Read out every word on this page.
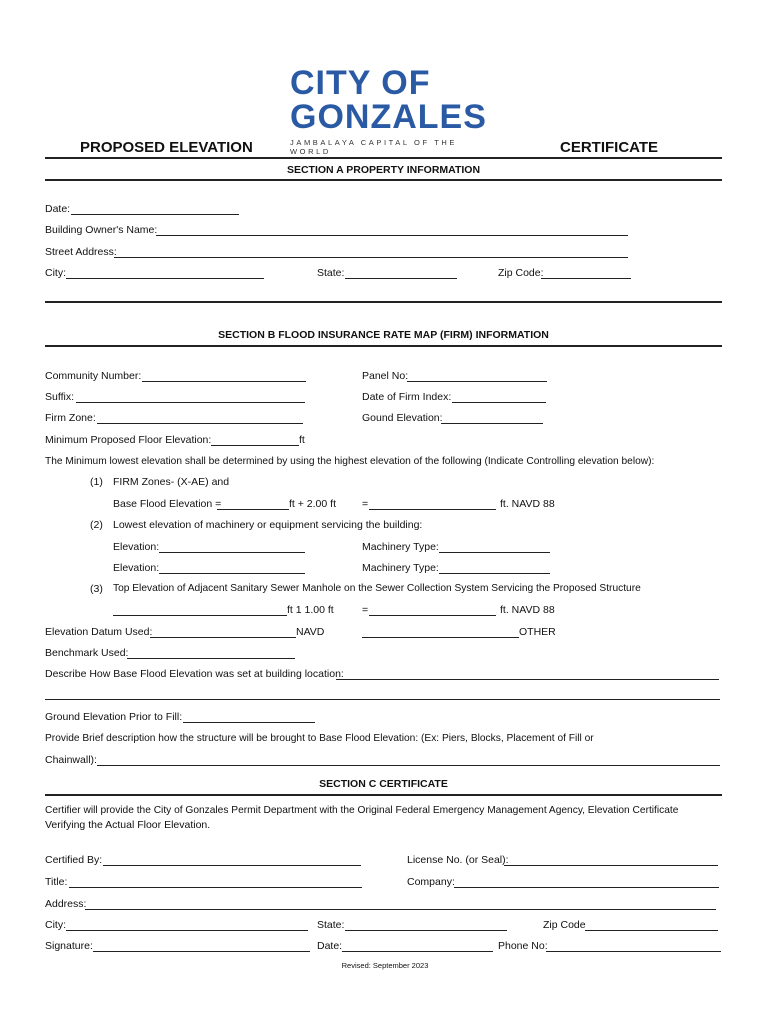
CITY OF
GONZALES
JAMBALAYA CAPITAL OF THE WORLD
PROPOSED ELEVATION	CERTIFICATE
SECTION A PROPERTY INFORMATION
Date:
Building Owner's Name:
Street Address:
City:	State:	Zip Code:
SECTION B FLOOD INSURANCE RATE MAP (FIRM) INFORMATION
Community Number:	Panel No:
Suffix:	Date of Firm Index:
Firm Zone:	Gound Elevation:
Minimum Proposed Floor Elevation:	ft
The Minimum lowest elevation shall be determined by using the highest elevation of the following (Indicate Controlling elevation below):
(1) FIRM Zones- (X-AE) and
Base Flood Elevation =	ft + 2.00 ft =	ft. NAVD 88
(2) Lowest elevation of machinery or equipment servicing the building:
Elevation:	Machinery Type:
Elevation:	Machinery Type:
(3) Top Elevation of Adjacent Sanitary Sewer Manhole on the Sewer Collection System Servicing the Proposed Structure
ft 1 1.00 ft	=	ft. NAVD 88
Elevation Datum Used:	NAVD	OTHER
Benchmark Used:
Describe How Base Flood Elevation was set at building location:
Ground Elevation Prior to Fill:
Provide Brief description how the structure will be brought to Base Flood Elevation: (Ex: Piers, Blocks, Placement of Fill or
Chainwall):
SECTION C CERTIFICATE
Certifier will provide the City of Gonzales Permit Department with the Original Federal Emergency Management Agency, Elevation Certificate
Verifying the Actual Floor Elevation.
Certified By:	License No. (or Seal):
Title:	Company:
Address:
City:	State:	Zip Code
Signature:	Date:	Phone No:
Revised: September 2023
